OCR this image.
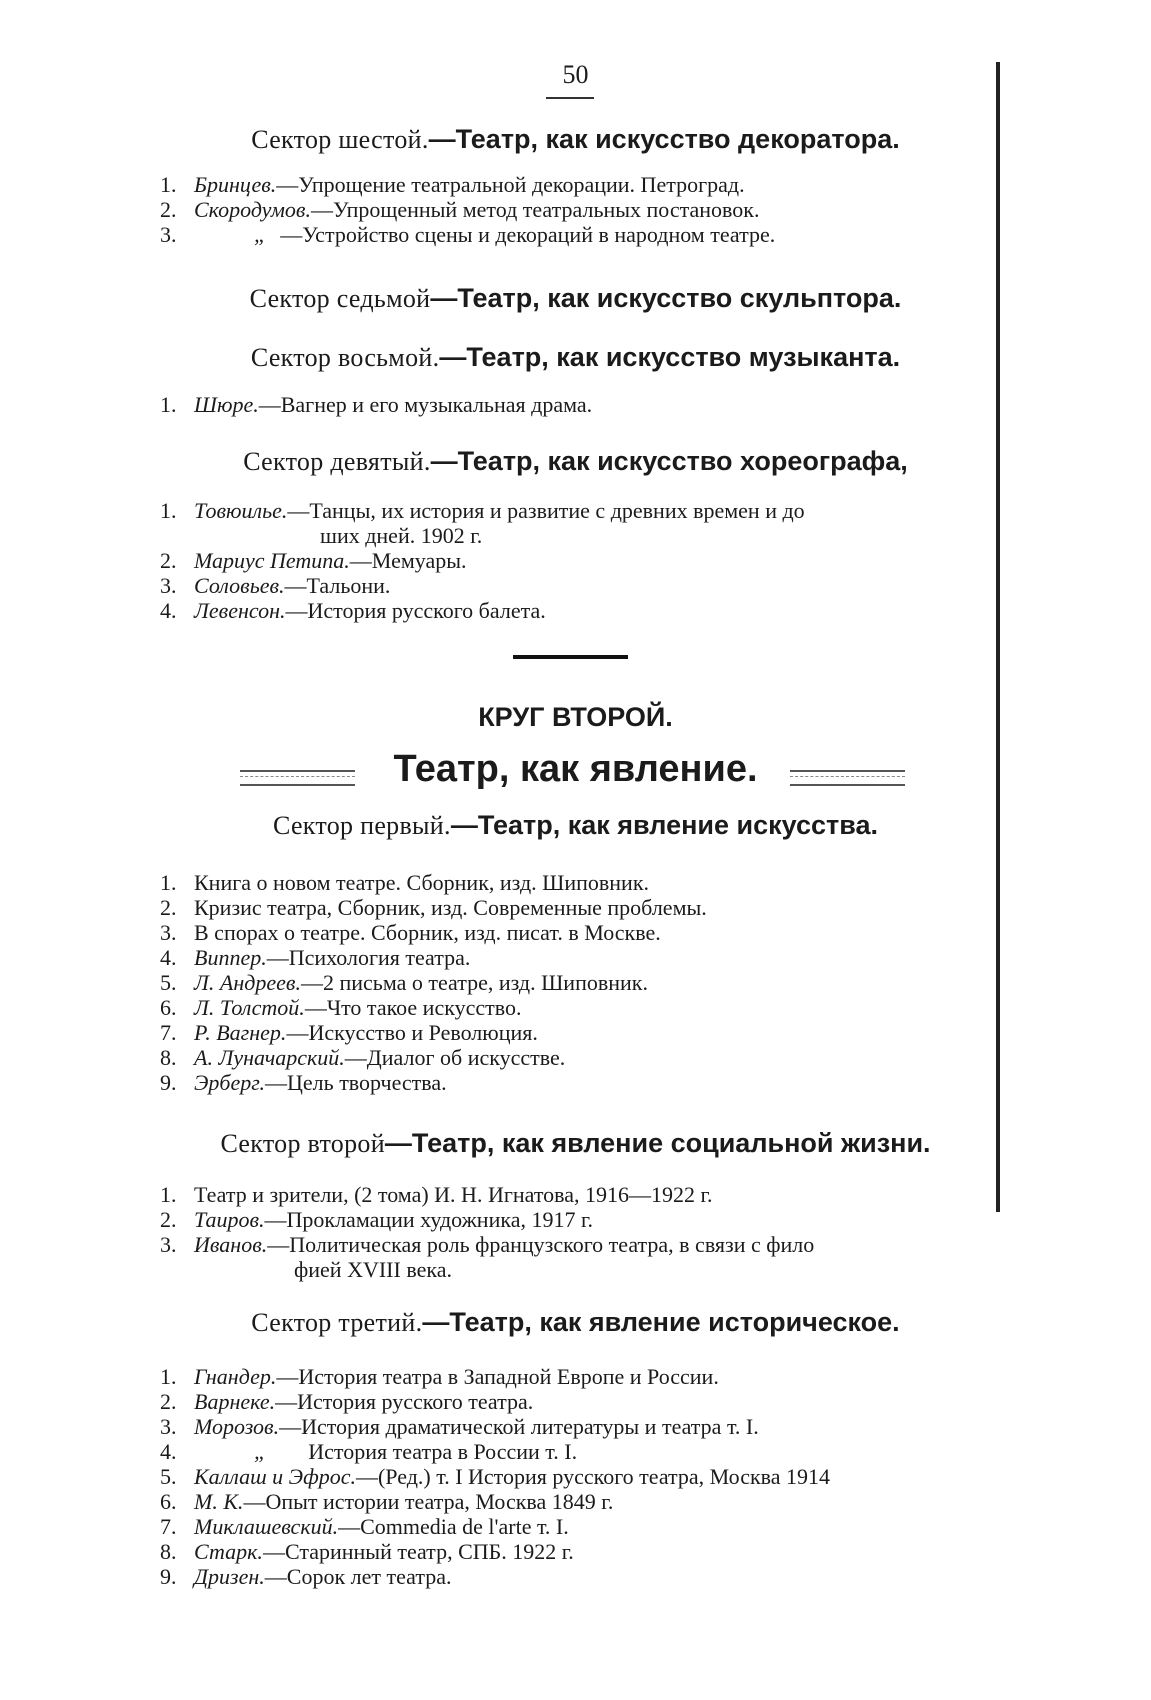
50
Сектор шестой.—Театр, как искусство декоратора.
1. Бринцев.—Упрощение театральной декорации. Петроград.
2. Скородумов.—Упрощенный метод театральных постановок.
3.	„ —Устройство сцены и декораций в народном театре.
Сектор седьмой—Театр, как искусство скульптора.
Сектор восьмой.—Театр, как искусство музыканта.
1. Шюре.—Вагнер и его музыкальная драма.
Сектор девятый.—Театр, как искусство хореографа,
1. Товюилье.—Танцы, их история и развитие с древних времен и до
ших дней. 1902 г.
2. Мариус Петипа.—Мемуары.
3. Соловьев.—Тальони.
4. Левенсон.—История русского балета.
КРУГ ВТОРОЙ.
Театр, как явление.
Сектор первый.—Театр, как явление искусства.
1. Книга о новом театре. Сборник, изд. Шиповник.
2. Кризис театра, Сборник, изд. Современные проблемы.
3. В спорах о театре. Сборник, изд. писат. в Москве.
4. Виппер.—Психология театра.
5. Л. Андреев.—2 письма о театре, изд. Шиповник.
6. Л. Толстой.—Что такое искусство.
7. Р. Вагнер.—Искусство и Революция.
8. А. Луначарский.—Диалог об искусстве.
9. Эрберг.—Цель творчества.
Сектор второй—Театр, как явление социальной жизни.
1. Театр и зрители, (2 тома) И. Н. Игнатова, 1916—1922 г.
2. Таиров.—Прокламации художника, 1917 г.
3. Иванов.—Политическая роль французского театра, в связи с фило
фией XVIII века.
Сектор третий.—Театр, как явление историческое.
1. Гнандер.—История театра в Западной Европе и России.
2. Варнеке.—История русского театра.
3. Морозов.—История драматической литературы и театра т. I.
4.	„ История театра в России т. I.
5. Каллаш и Эфрос.—(Ред.) т. I История русского театра, Москва 1914
6. М. К.—Опыт истории театра, Москва 1849 г.
7. Миклашевский.—Commedia de l'arte т. I.
8. Старк.—Старинный театр, СПБ. 1922 г.
9. Дризен.—Сорок лет театра.
